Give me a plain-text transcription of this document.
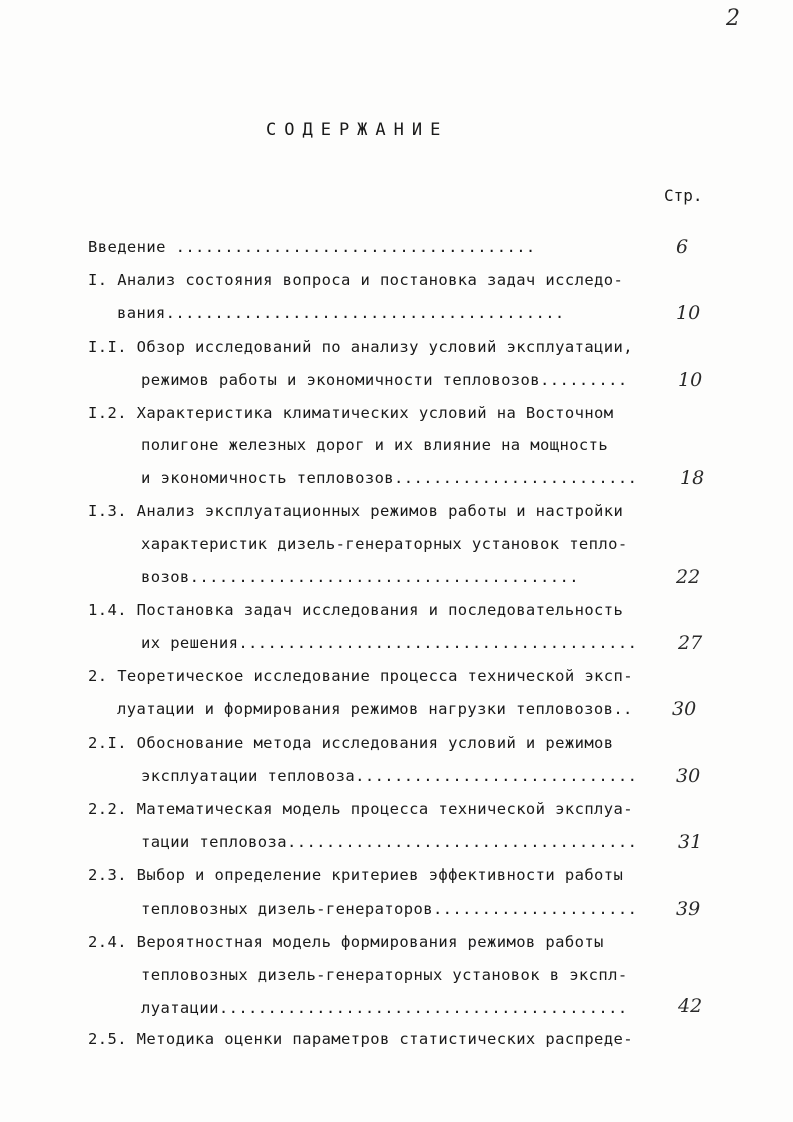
2
СОДЕРЖАНИЕ
Стр.
Введение .....................................	6
I. Анализ состояния вопроса и постановка задач исследо-
вания.........................................	10
I.I. Обзор исследований по анализу условий эксплуатации,
режимов работы и экономичности тепловозов.........	10
I.2. Характеристика климатических условий на Восточном
полигоне железных дорог и их влияние на мощность
и экономичность тепловозов......................... 18
I.3. Анализ эксплуатационных режимов работы и настройки
характеристик дизель-генераторных установок тепло-
возов........................................	22
1.4. Постановка задач исследования и последовательность
их решения......................................... 27
2. Теоретическое исследование процесса технической эксп-
луатации и формирования режимов нагрузки тепловозов.. 30
2.I. Обоснование метода исследования условий и режимов
эксплуатации тепловоза............................. 30
2.2. Математическая модель процесса технической эксплуа-
тации тепловоза.................................... 31
2.3. Выбор и определение критериев эффективности работы
тепловозных дизель-генераторов..................... 39
2.4. Вероятностная модель формирования режимов работы
тепловозных дизель-генераторных установок в экспл-
луатации..........................................	42
2.5. Методика оценки параметров статистических распреде-
